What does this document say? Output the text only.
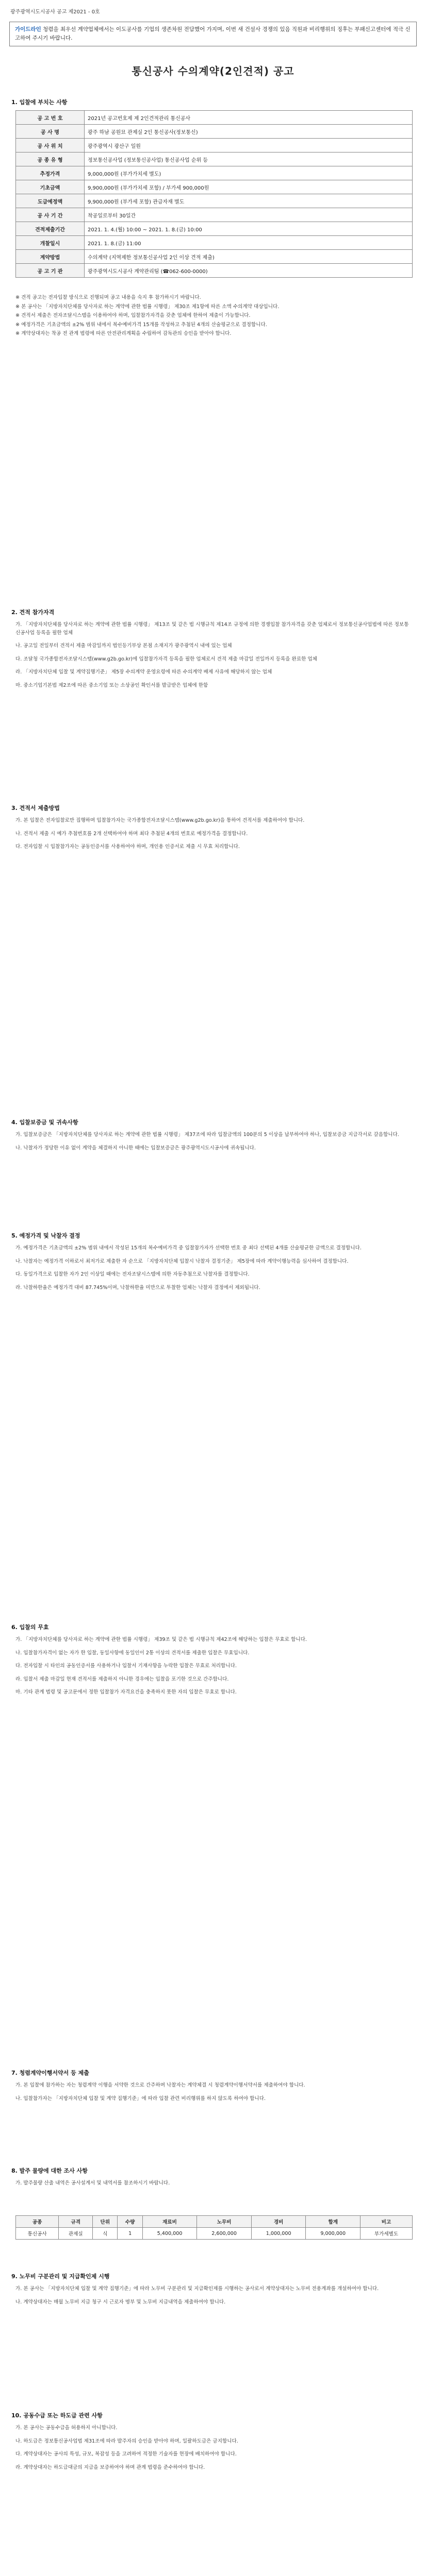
광주광역시도시공사 공고 제2021 - 0호
가이드라인 청렴을 최우선 계약업체에서는 이도공사를 기업의 생존차원 전담했어 가지며, 이번 새 건설사 경쟁의 있음 직원과 비리행위의 징후는 부패신고센터에 적극 신고하여 주시기 바랍니다.
통신공사 수의계약(2인견적) 공고
1. 입찰에 부치는 사항
공 고 번 호	2021년 공고번호제 제 2인견적관리 통신공사
공 사 명	광주 하남 공원묘 관제실 2인 통신공사(정보통신)
공 사 위 치	광주광역시 광산구 일원
공 종 유 형	정보통신공사업 (정보통신공사업) 통신공사업 순위 등
추정가격	9,000,000원 (부가가치세 별도)
기초금액	9,900,000원 (부가가치세 포함) / 부가세 900,000원
도급예정액	9,900,000원 (부가세 포함) 관급자재 별도
공 사 기 간	착공일로부터 30일간
견적제출기간	2021. 1. 4.(월) 10:00 ~ 2021. 1. 8.(금) 10:00
개찰일시	2021. 1. 8.(금) 11:00
계약방법	수의계약 (지역제한 정보통신공사업 2인 이상 견적 제출)
공 고 기 관	광주광역시도시공사 계약관리팀 (☎062-600-0000)

※ 견적 공고는 전자입찰 방식으로 진행되며 공고 내용을 숙지 후 참가하시기 바랍니다.

※ 본 공사는 「지방자치단체를 당사자로 하는 계약에 관한 법률 시행령」 제30조 제1항에 따른 소액 수의계약 대상입니다.

※ 견적서 제출은 전자조달시스템을 이용하여야 하며, 입찰참가자격을 갖춘 업체에 한하여 제출이 가능합니다.

※ 예정가격은 기초금액의 ±2% 범위 내에서 복수예비가격 15개를 작성하고 추첨된 4개의 산술평균으로 결정합니다.

※ 계약상대자는 착공 전 관계 법령에 따른 안전관리계획을 수립하여 감독관의 승인을 받아야 합니다.

2. 견적 참가자격

가. 「지방자치단체를 당사자로 하는 계약에 관한 법률 시행령」 제13조 및 같은 법 시행규칙 제14조 규정에 의한 경쟁입찰 참가자격을 갖춘 업체로서 정보통신공사업법에 따른 정보통신공사업 등록을 필한 업체

나. 공고일 전일부터 견적서 제출 마감일까지 법인등기부상 본점 소재지가 광주광역시 내에 있는 업체

다. 조달청 국가종합전자조달시스템(www.g2b.go.kr)에 입찰참가자격 등록을 필한 업체로서 견적 제출 마감일 전일까지 등록을 완료한 업체

라. 「지방자치단체 입찰 및 계약집행기준」 제5장 수의계약 운영요령에 따른 수의계약 배제 사유에 해당하지 않는 업체

마. 중소기업기본법 제2조에 따른 중소기업 또는 소상공인 확인서를 발급받은 업체에 한함

3. 견적서 제출방법

가. 본 입찰은 전자입찰로만 집행하며 입찰참가자는 국가종합전자조달시스템(www.g2b.go.kr)을 통하여 견적서를 제출하여야 합니다.

나. 견적서 제출 시 예가 추첨번호를 2개 선택하여야 하며 최다 추첨된 4개의 번호로 예정가격을 결정합니다.

다. 전자입찰 시 입찰참가자는 공동인증서를 사용하여야 하며, 개인용 인증서로 제출 시 무효 처리합니다.

4. 입찰보증금 및 귀속사항

가. 입찰보증금은 「지방자치단체를 당사자로 하는 계약에 관한 법률 시행령」 제37조에 따라 입찰금액의 100분의 5 이상을 납부하여야 하나, 입찰보증금 지급각서로 갈음합니다.

나. 낙찰자가 정당한 이유 없이 계약을 체결하지 아니한 때에는 입찰보증금은 광주광역시도시공사에 귀속됩니다.

5. 예정가격 및 낙찰자 결정

가. 예정가격은 기초금액의 ±2% 범위 내에서 작성된 15개의 복수예비가격 중 입찰참가자가 선택한 번호 중 최다 선택된 4개를 산술평균한 금액으로 결정합니다.

나. 낙찰자는 예정가격 이하로서 최저가로 제출한 자 순으로 「지방자치단체 입찰시 낙찰자 결정기준」 제5장에 따라 계약이행능력을 심사하여 결정합니다.

다. 동일가격으로 입찰한 자가 2인 이상일 때에는 전자조달시스템에 의한 자동추첨으로 낙찰자를 결정합니다.

라. 낙찰하한율은 예정가격 대비 87.745%이며, 낙찰하한율 미만으로 투찰한 업체는 낙찰자 결정에서 제외됩니다.

6. 입찰의 무효

가. 「지방자치단체를 당사자로 하는 계약에 관한 법률 시행령」 제39조 및 같은 법 시행규칙 제42조에 해당하는 입찰은 무효로 합니다.

나. 입찰참가자격이 없는 자가 한 입찰, 동일사항에 동일인이 2통 이상의 견적서를 제출한 입찰은 무효입니다.

다. 전자입찰 시 타인의 공동인증서를 사용하거나 입찰서 기재사항을 누락한 입찰은 무효로 처리합니다.

라. 입찰서 제출 마감일 현재 견적서를 제출하지 아니한 경우에는 입찰을 포기한 것으로 간주합니다.

마. 기타 관계 법령 및 공고문에서 정한 입찰참가 자격요건을 충족하지 못한 자의 입찰은 무효로 합니다.

7. 청렴계약이행서약서 등 제출

가. 본 입찰에 참가하는 자는 청렴계약 이행을 서약한 것으로 간주하며 낙찰자는 계약체결 시 청렴계약이행서약서를 제출하여야 합니다.

나. 입찰참가자는 「지방자치단체 입찰 및 계약 집행기준」에 따라 입찰 관련 비리행위를 하지 않도록 하여야 합니다.

8. 발주 물량에 대한 조사 사항

가. 발주물량 산출 내역은 공사설계서 및 내역서를 참조하시기 바랍니다.

공종	규격	단위	수량	재료비	노무비	경비	합계	비고
통신공사	관제실	식	1	5,400,000	2,600,000	1,000,000	9,000,000	부가세별도
9. 노무비 구분관리 및 지급확인제 시행

가. 본 공사는 「지방자치단체 입찰 및 계약 집행기준」에 따라 노무비 구분관리 및 지급확인제를 시행하는 공사로서 계약상대자는 노무비 전용계좌를 개설하여야 합니다.

나. 계약상대자는 매월 노무비 지급 청구 시 근로자 명부 및 노무비 지급내역을 제출하여야 합니다.

10. 공동수급 또는 하도급 관련 사항

가. 본 공사는 공동수급을 허용하지 아니합니다.

나. 하도급은 정보통신공사업법 제31조에 따라 발주자의 승인을 받아야 하며, 일괄하도급은 금지합니다.

다. 계약상대자는 공사의 특성, 규모, 복잡성 등을 고려하여 적정한 기술자를 현장에 배치하여야 합니다.

라. 계약상대자는 하도급대금의 지급을 보증하여야 하며 관계 법령을 준수하여야 합니다.
